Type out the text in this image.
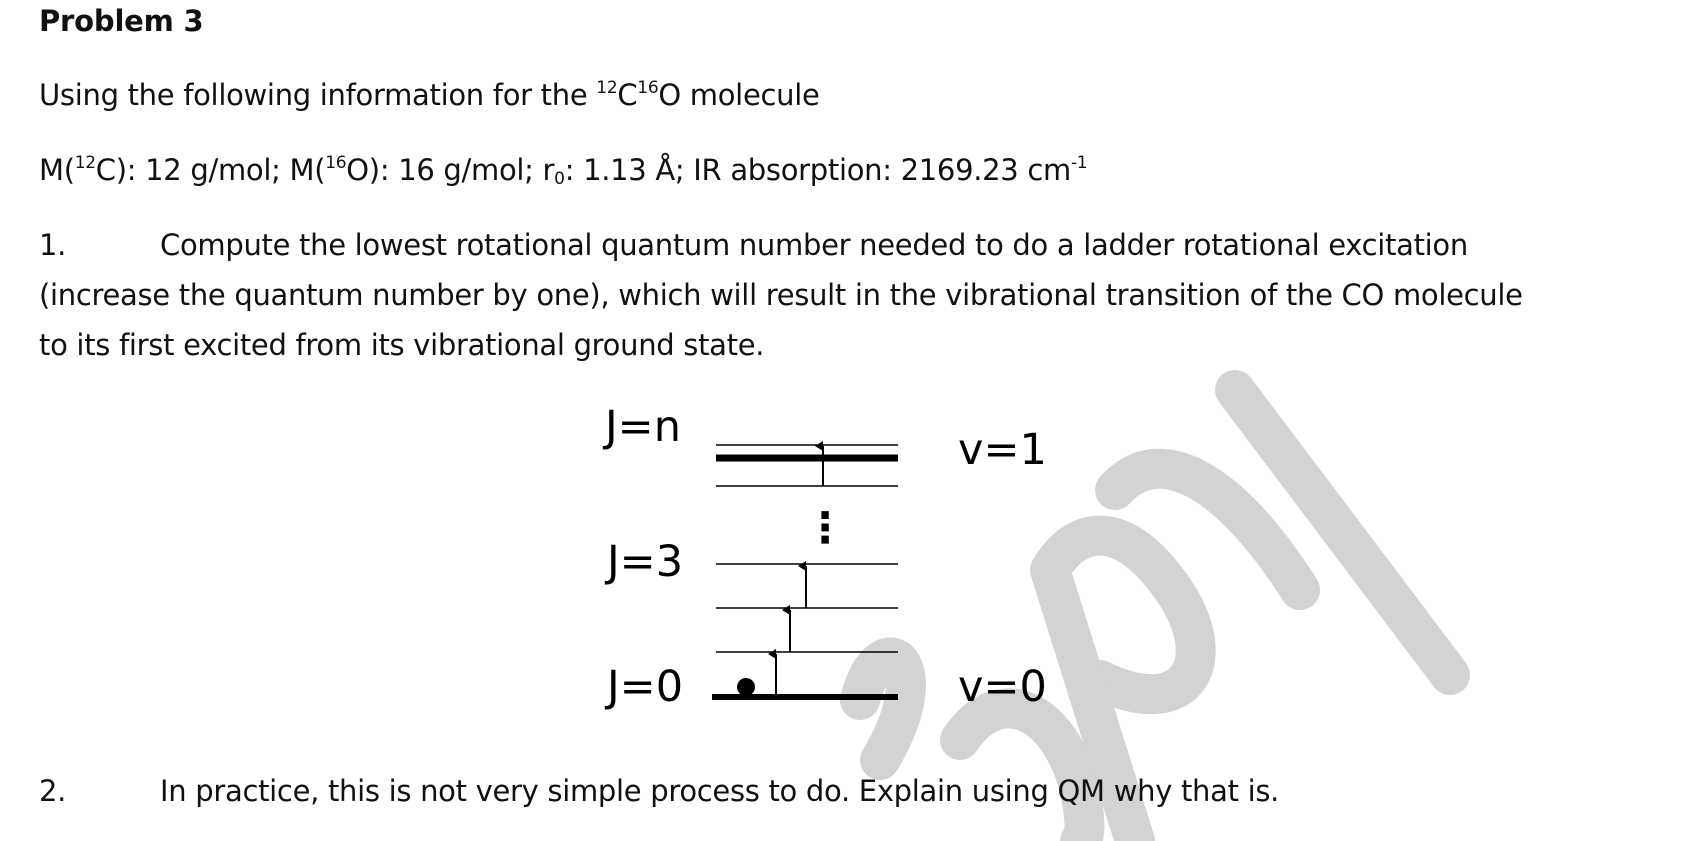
Problem 3
Using the following information for the $^{12}C^{16}O$ molecule
M($^{12}$C): 12 g/mol; M($^{16}$O): 16 g/mol; $r_0$: 1.13 Å; IR absorption: 2169.23 $cm^{-1}$
1.	Compute the lowest rotational quantum number needed to do a ladder rotational excitation
(increase the quantum number by one), which will result in the vibrational transition of the CO molecule
to its first excited from its vibrational ground state.
J=n
J=3
J=0
v=1
v=0
⋮
2.	In practice, this is not very simple process to do. Explain using QM why that is.
